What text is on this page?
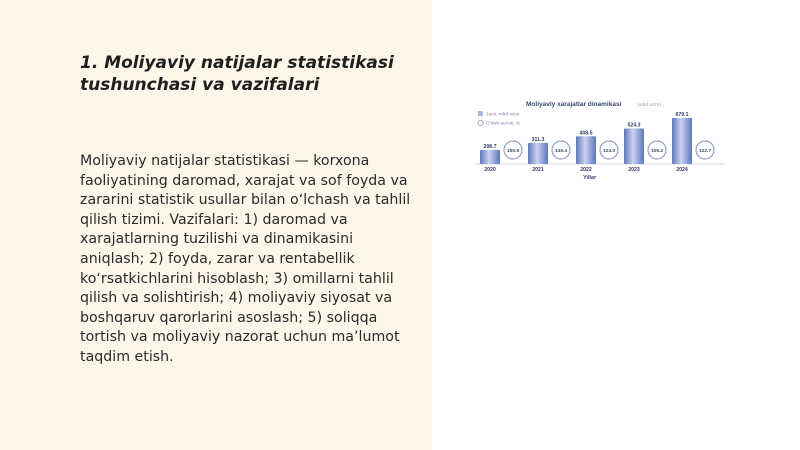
1. Moliyaviy natijalar statistikasi tushunchasi va vazifalari

Moliyaviy natijalar statistikasi — korxona faoliyatining daromad, xarajat va sof foyda va zararini statistik usullar bilan oʻlchash va tahlil qilish tizimi. Vazifalari: 1) daromad va xarajatlarning tuzilishi va dinamikasini aniqlash; 2) foyda, zarar va rentabellik koʻrsatkichlarini hisoblash; 3) omillarni tahlil qilish va solishtirish; 4) moliyaviy siyosat va boshqaruv qarorlarini asoslash; 5) soliqqa tortish va moliyaviy nazorat uchun maʼlumot taqdim etish.

Moliyaviy xarajatlar dinamikasi	(mlrd so'm)
Jami, mlrd so'm
O'sish sur'ati, %
208.7
2020
150.8
311.3
2021
149.4
408.5
2022
124.0
524.3
2023
109.2
679.1
2024
122.7
Yillar
